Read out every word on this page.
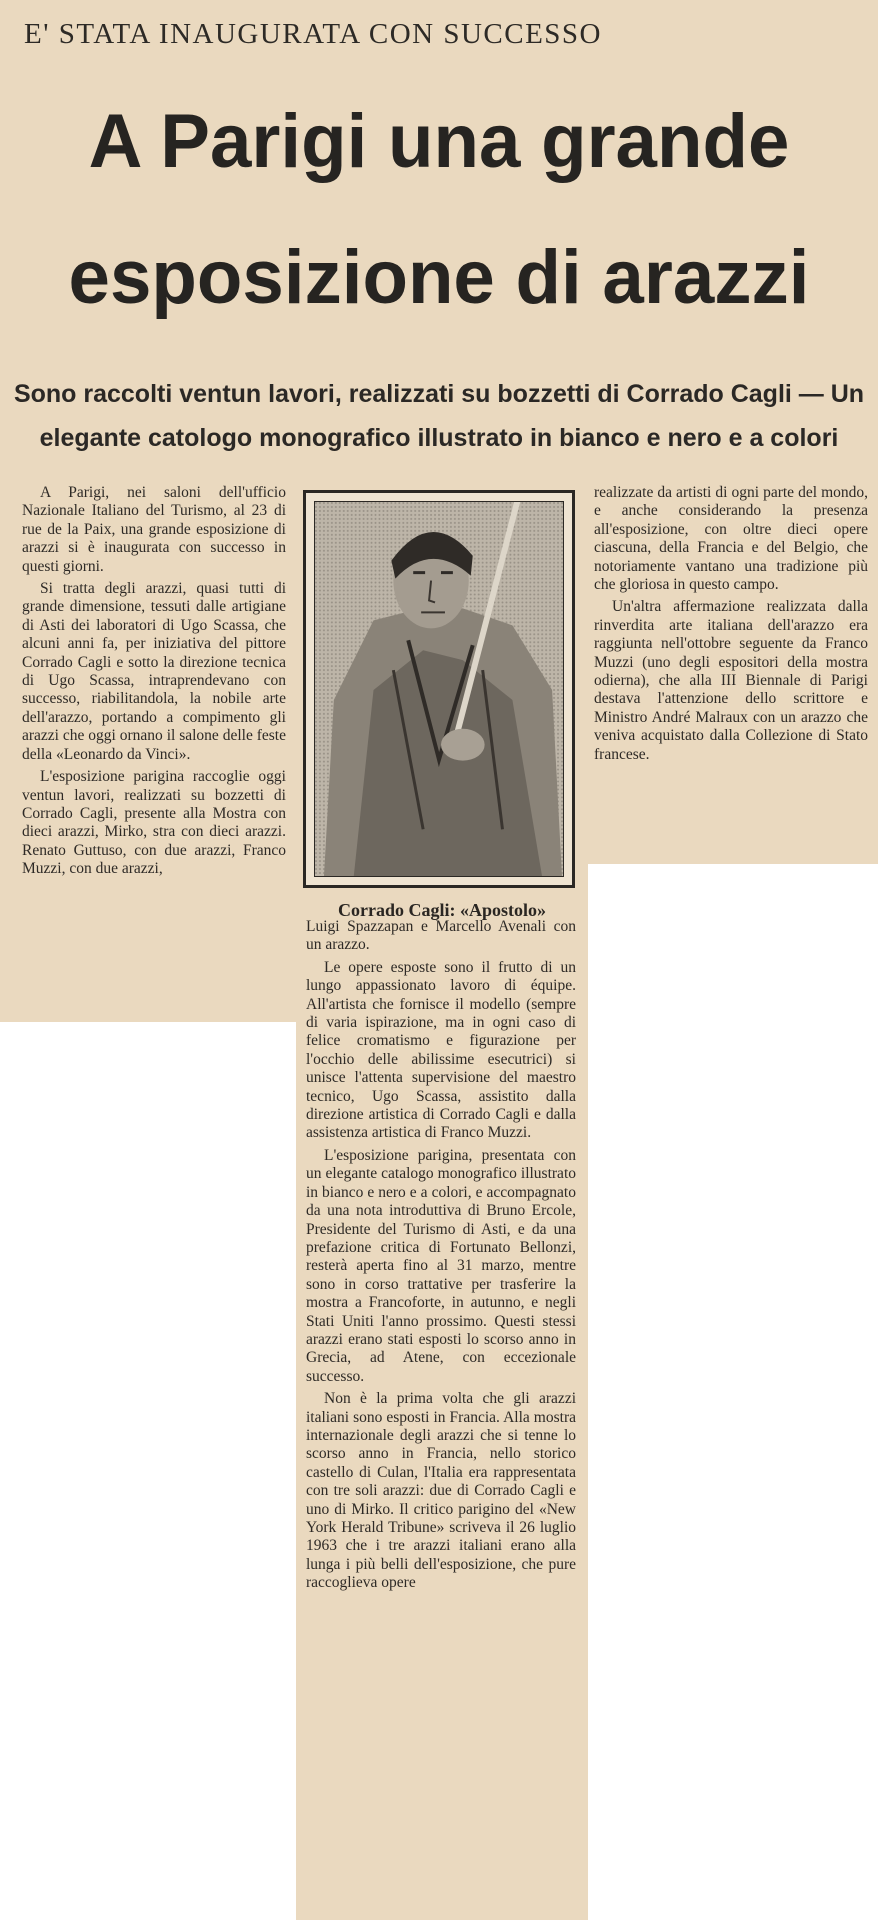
E' STATA INAUGURATA CON SUCCESSO
A Parigi una grande
esposizione di arazzi
Sono raccolti ventun lavori, realizzati su bozzetti di Corrado Cagli — Un
elegante catologo monografico illustrato in bianco e nero e a colori

A Parigi, nei saloni dell'ufficio Nazionale Italiano del Turismo, al 23 di rue de la Paix, una grande esposizione di arazzi si è inaugurata con successo in questi giorni.

Si tratta degli arazzi, quasi tutti di grande dimensione, tessuti dalle artigiane di Asti dei laboratori di Ugo Scassa, che alcuni anni fa, per iniziativa del pittore Corrado Cagli e sotto la direzione tecnica di Ugo Scassa, intraprendevano con successo, riabilitandola, la nobile arte dell'arazzo, portando a compimento gli arazzi che oggi ornano il salone delle feste della «Leonardo da Vinci».

L'esposizione parigina raccoglie oggi ventun lavori, realizzati su bozzetti di Corrado Cagli, presente alla Mostra con dieci arazzi, Mirko, stra con dieci arazzi. Renato Guttuso, con due arazzi, Franco Muzzi, con due arazzi,

Corrado Cagli: «Apostolo»

Luigi Spazzapan e Marcello Avenali con un arazzo.

Le opere esposte sono il frutto di un lungo appassionato lavoro di équipe. All'artista che fornisce il modello (sempre di varia ispirazione, ma in ogni caso di felice cromatismo e figurazione per l'occhio delle abilissime esecutrici) si unisce l'attenta supervisione del maestro tecnico, Ugo Scassa, assistito dalla direzione artistica di Corrado Cagli e dalla assistenza artistica di Franco Muzzi.

L'esposizione parigina, presentata con un elegante catalogo monografico illustrato in bianco e nero e a colori, e accompagnato da una nota introduttiva di Bruno Ercole, Presidente del Turismo di Asti, e da una prefazione critica di Fortunato Bellonzi, resterà aperta fino al 31 marzo, mentre sono in corso trattative per trasferire la mostra a Francoforte, in autunno, e negli Stati Uniti l'anno prossimo. Questi stessi arazzi erano stati esposti lo scorso anno in Grecia, ad Atene, con eccezionale successo.

Non è la prima volta che gli arazzi italiani sono esposti in Francia. Alla mostra internazionale degli arazzi che si tenne lo scorso anno in Francia, nello storico castello di Culan, l'Italia era rappresentata con tre soli arazzi: due di Corrado Cagli e uno di Mirko. Il critico parigino del «New York Herald Tribune» scriveva il 26 luglio 1963 che i tre arazzi italiani erano alla lunga i più belli dell'esposizione, che pure raccoglieva opere

realizzate da artisti di ogni parte del mondo, e anche considerando la presenza all'esposizione, con oltre dieci opere ciascuna, della Francia e del Belgio, che notoriamente vantano una tradizione più che gloriosa in questo campo.

Un'altra affermazione realizzata dalla rinverdita arte italiana dell'arazzo era raggiunta nell'ottobre seguente da Franco Muzzi (uno degli espositori della mostra odierna), che alla III Biennale di Parigi destava l'attenzione dello scrittore e Ministro André Malraux con un arazzo che veniva acquistato dalla Collezione di Stato francese.
